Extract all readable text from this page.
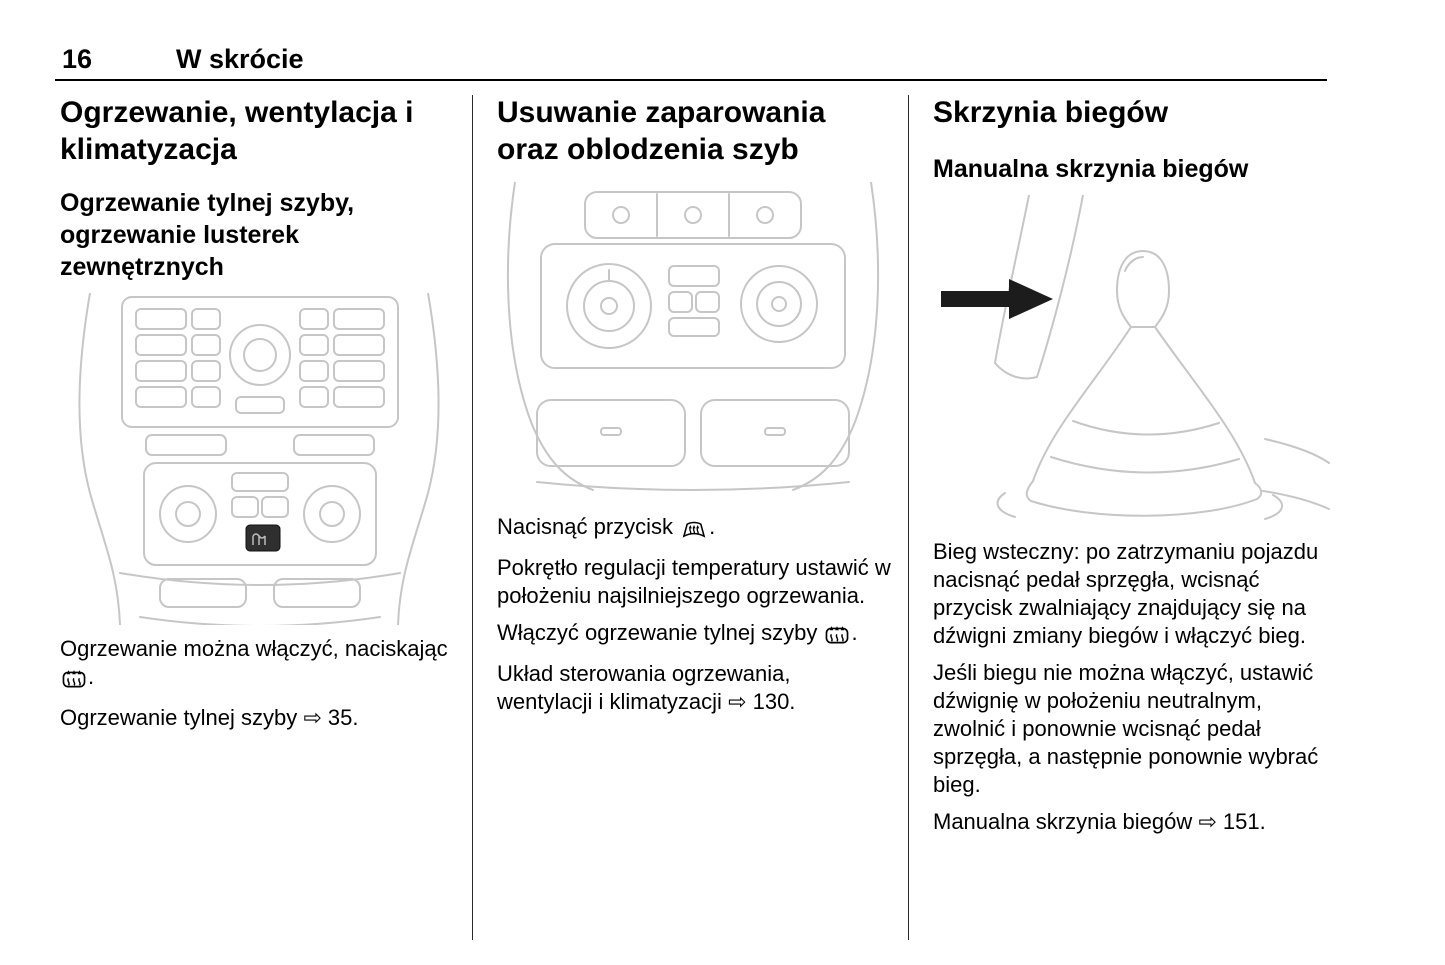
16	W skrócie
Ogrzewanie, wentylacja i klimatyzacja
Ogrzewanie tylnej szyby, ogrzewanie lusterek zewnętrznych

Ogrzewanie można włączyć, naciskając .

Ogrzewanie tylnej szyby ⇨ 35.

Usuwanie zaparowania oraz oblodzenia szyb

Nacisnąć przycisk .

Pokrętło regulacji temperatury ustawić w położeniu najsilniejszego ogrzewania.

Włączyć ogrzewanie tylnej szyby .

Układ sterowania ogrzewania, wentylacji i klimatyzacji ⇨ 130.

Skrzynia biegów
Manualna skrzynia biegów

Bieg wsteczny: po zatrzymaniu pojazdu nacisnąć pedał sprzęgła, wcisnąć przycisk zwalniający znajdujący się na dźwigni zmiany biegów i włączyć bieg.

Jeśli biegu nie można włączyć, ustawić dźwignię w położeniu neutralnym, zwolnić i ponownie wcisnąć pedał sprzęgła, a następnie ponownie wybrać bieg.

Manualna skrzynia biegów ⇨ 151.
